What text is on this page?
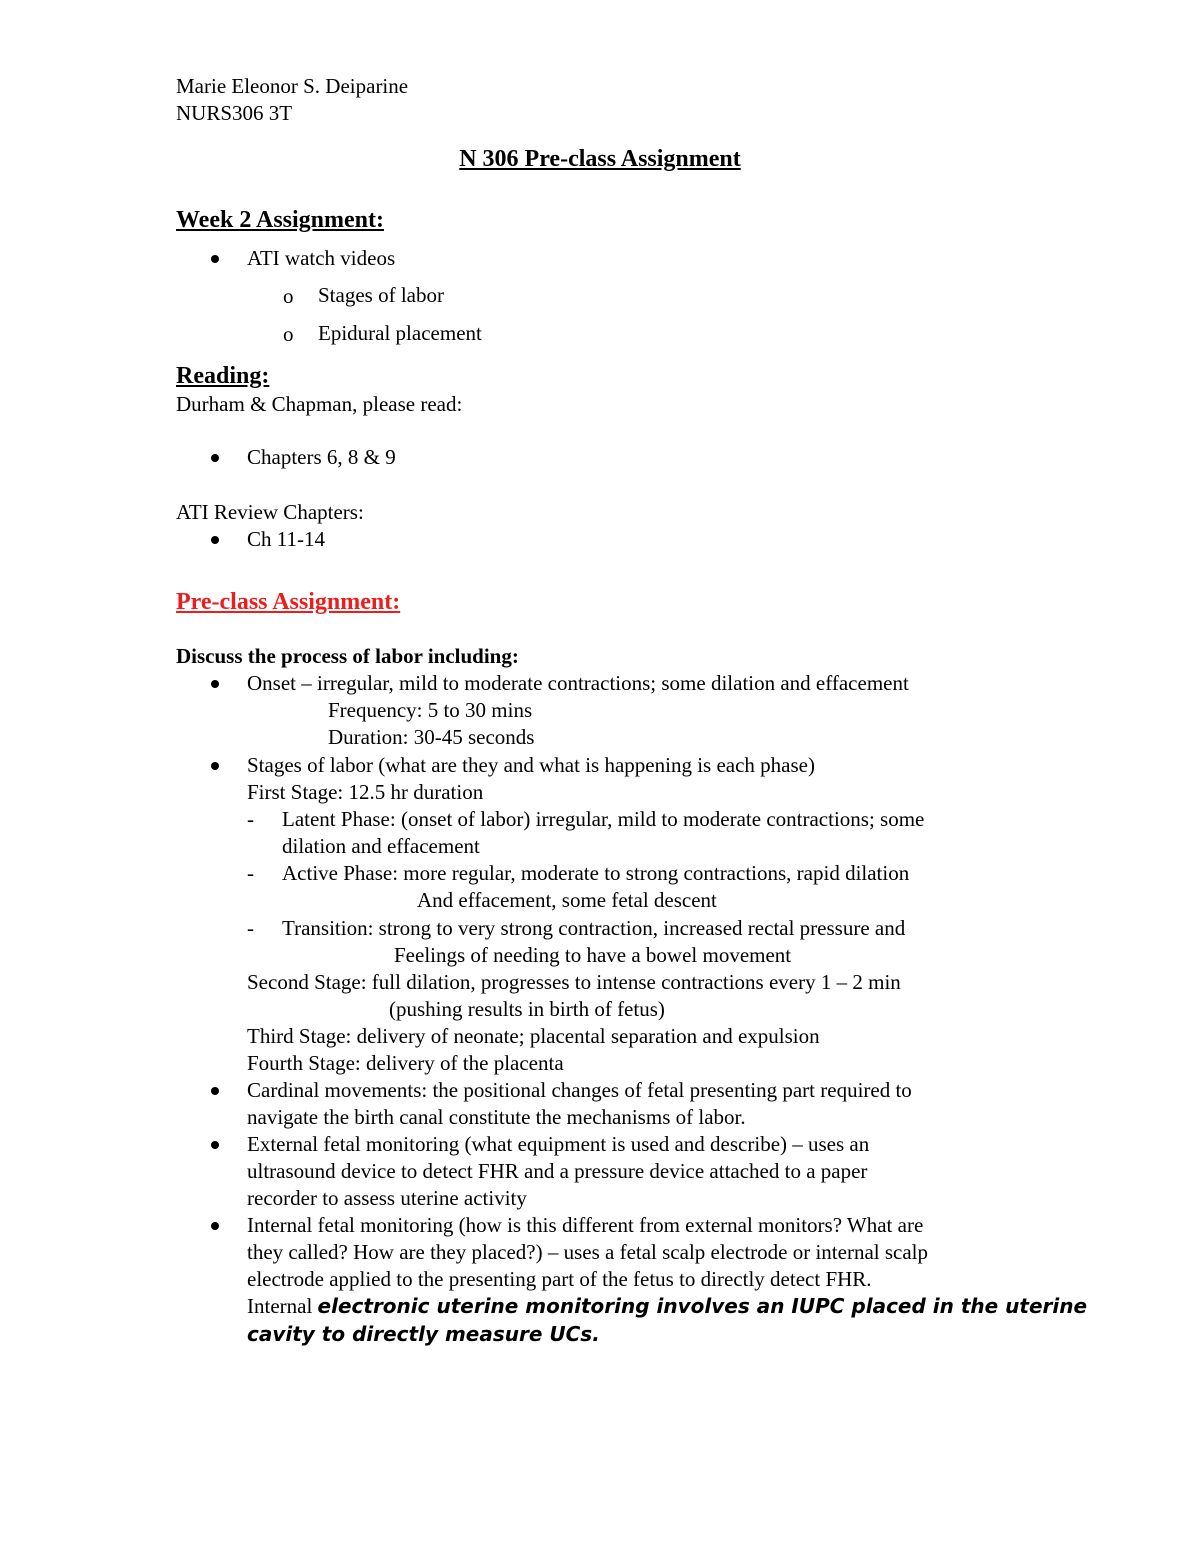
Marie Eleonor S. Deiparine
NURS306 3T
N 306 Pre-class Assignment
Week 2 Assignment:
ATI watch videos
o Stages of labor
o Epidural placement
Reading:
Durham & Chapman, please read:
Chapters 6, 8 & 9
ATI Review Chapters:
Ch 11-14
Pre-class Assignment:
Discuss the process of labor including:
Onset – irregular, mild to moderate contractions; some dilation and effacement
Frequency: 5 to 30 mins
Duration: 30-45 seconds
Stages of labor (what are they and what is happening is each phase)
First Stage: 12.5 hr duration
- Latent Phase: (onset of labor) irregular, mild to moderate contractions; some
dilation and effacement
- Active Phase: more regular, moderate to strong contractions, rapid dilation
And effacement, some fetal descent
- Transition: strong to very strong contraction, increased rectal pressure and
Feelings of needing to have a bowel movement
Second Stage: full dilation, progresses to intense contractions every 1 – 2 min
(pushing results in birth of fetus)
Third Stage: delivery of neonate; placental separation and expulsion
Fourth Stage: delivery of the placenta
Cardinal movements: the positional changes of fetal presenting part required to
navigate the birth canal constitute the mechanisms of labor.
External fetal monitoring (what equipment is used and describe) – uses an
ultrasound device to detect FHR and a pressure device attached to a paper
recorder to assess uterine activity
Internal fetal monitoring (how is this different from external monitors? What are
they called? How are they placed?) – uses a fetal scalp electrode or internal scalp
electrode applied to the presenting part of the fetus to directly detect FHR.
Internal electronic uterine monitoring involves an IUPC placed in the uterine
cavity to directly measure UCs.
